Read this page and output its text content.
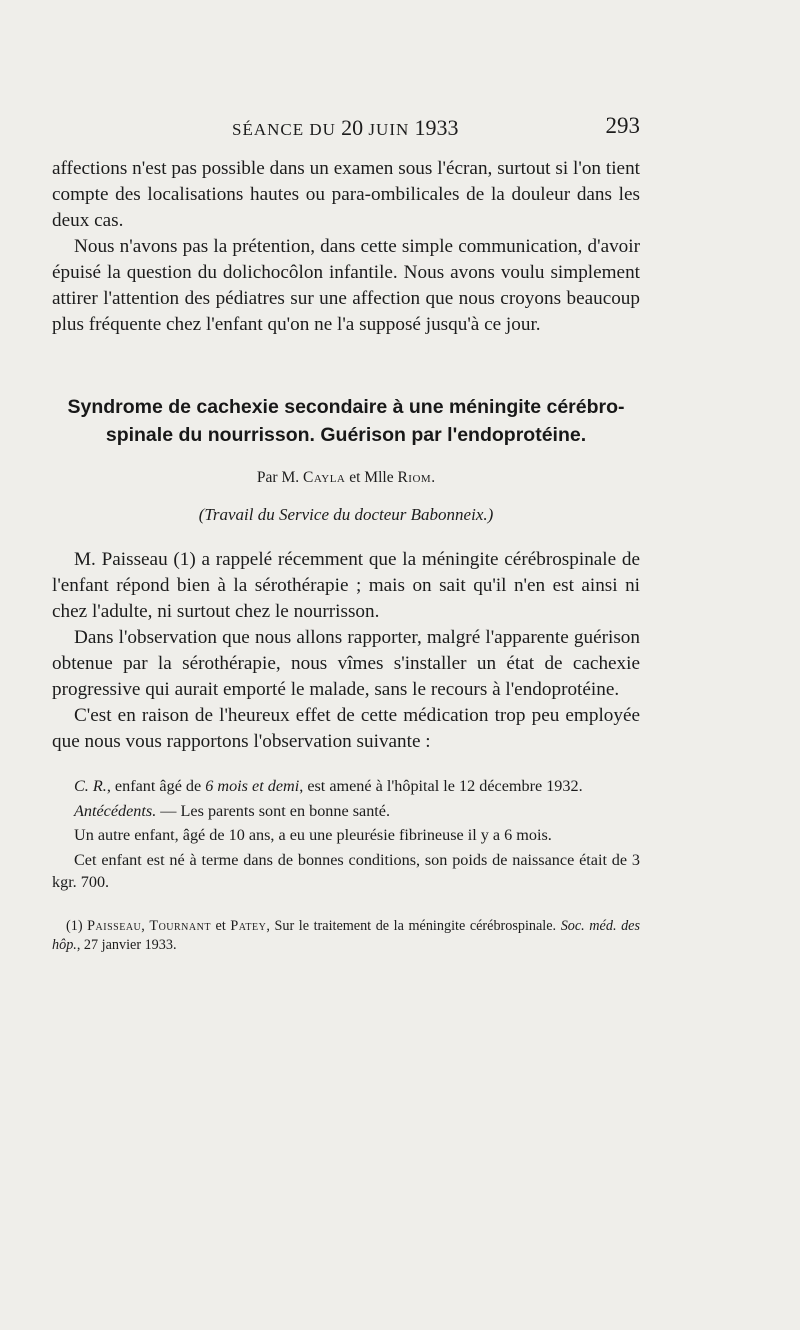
SÉANCE DU 20 JUIN 1933	293

affections n'est pas possible dans un examen sous l'écran, surtout si l'on tient compte des localisations hautes ou para-ombilicales de la douleur dans les deux cas.

Nous n'avons pas la prétention, dans cette simple communication, d'avoir épuisé la question du dolichocôlon infantile. Nous avons voulu simplement attirer l'attention des pédiatres sur une affection que nous croyons beaucoup plus fréquente chez l'enfant qu'on ne l'a supposé jusqu'à ce jour.

Syndrome de cachexie secondaire à une méningite cérébro-
spinale du nourrisson. Guérison par l'endoprotéine.
Par M. Cayla et Mlle Riom.
(Travail du Service du docteur Babonneix.)

M. Paisseau (1) a rappelé récemment que la méningite cérébrospinale de l'enfant répond bien à la sérothérapie ; mais on sait qu'il n'en est ainsi ni chez l'adulte, ni surtout chez le nourrisson.

Dans l'observation que nous allons rapporter, malgré l'apparente guérison obtenue par la sérothérapie, nous vîmes s'installer un état de cachexie progressive qui aurait emporté le malade, sans le recours à l'endoprotéine.

C'est en raison de l'heureux effet de cette médication trop peu employée que nous vous rapportons l'observation suivante :

C. R., enfant âgé de 6 mois et demi, est amené à l'hôpital le 12 décembre 1932.

Antécédents. — Les parents sont en bonne santé.

Un autre enfant, âgé de 10 ans, a eu une pleurésie fibrineuse il y a 6 mois.

Cet enfant est né à terme dans de bonnes conditions, son poids de naissance était de 3 kgr. 700.

(1) Paisseau, Tournant et Patey, Sur le traitement de la méningite cérébrospinale. Soc. méd. des hôp., 27 janvier 1933.
